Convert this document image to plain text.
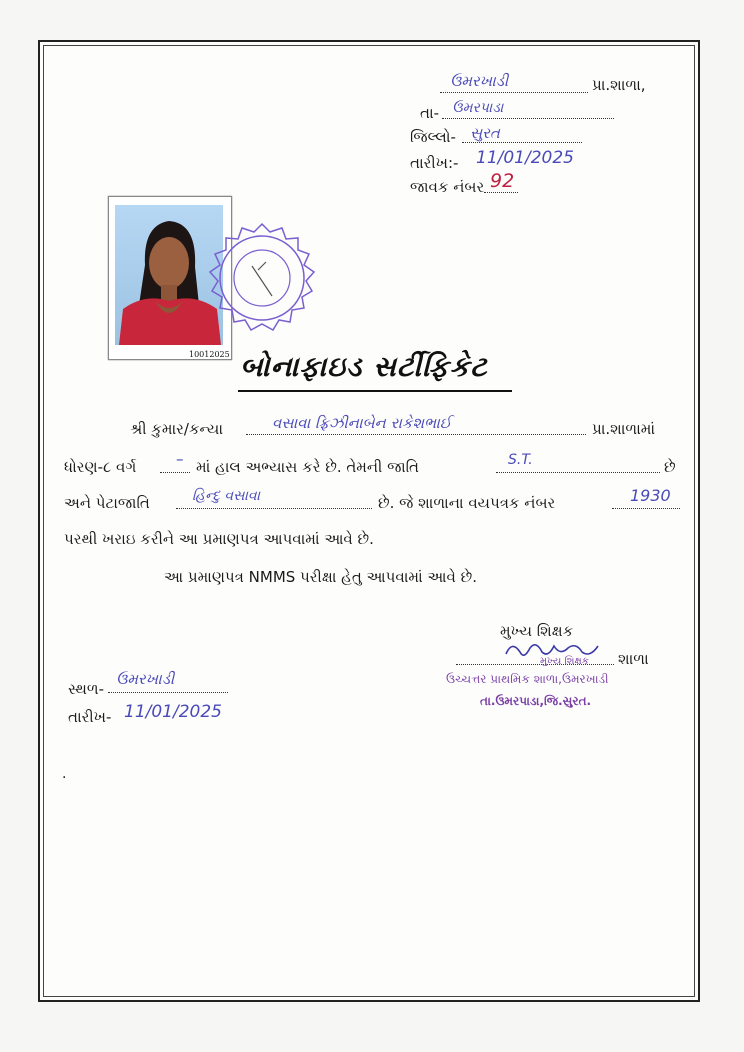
ઉમરખાડી	પ્રા.શાળા,
તા- ઉમરપાડા
જિલ્લો- સુરત
તારીખ:- 11/01/2025
જાવક નંબર 92
10012025 બોનાફાઇડ સર્ટીફિકેટ
શ્રી કુમાર/કન્યા	વસાવા ફ્રિઝીનાબેન રાકેશભાઈ	પ્રા.શાળામાં
ધોરણ-૮ વર્ગ	– માં હાલ અભ્યાસ કરે છે. તેમની જાતિ	S.T.	છે
અને પેટાજાતિ	હિન્દુ વસાવા	છે. જે શાળાના વયપત્રક નંબર	1930
પરથી ખરાઇ કરીને આ પ્રમાણપત્ર આપવામાં આવે છે.
આ પ્રમાણપત્ર NMMS પરીક્ષા હેતુ આપવામાં આવે છે.
મુખ્ય શિક્ષક
શાળા
મુખ્ય શિક્ષક
ઉચ્ચત્તર પ્રાથમિક શાળા,ઉમરખાડી
તા.ઉમરપાડા,જિ.સુરત.
સ્થળ-
ઉમરખાડી
તારીખ- 11/01/2025
·
